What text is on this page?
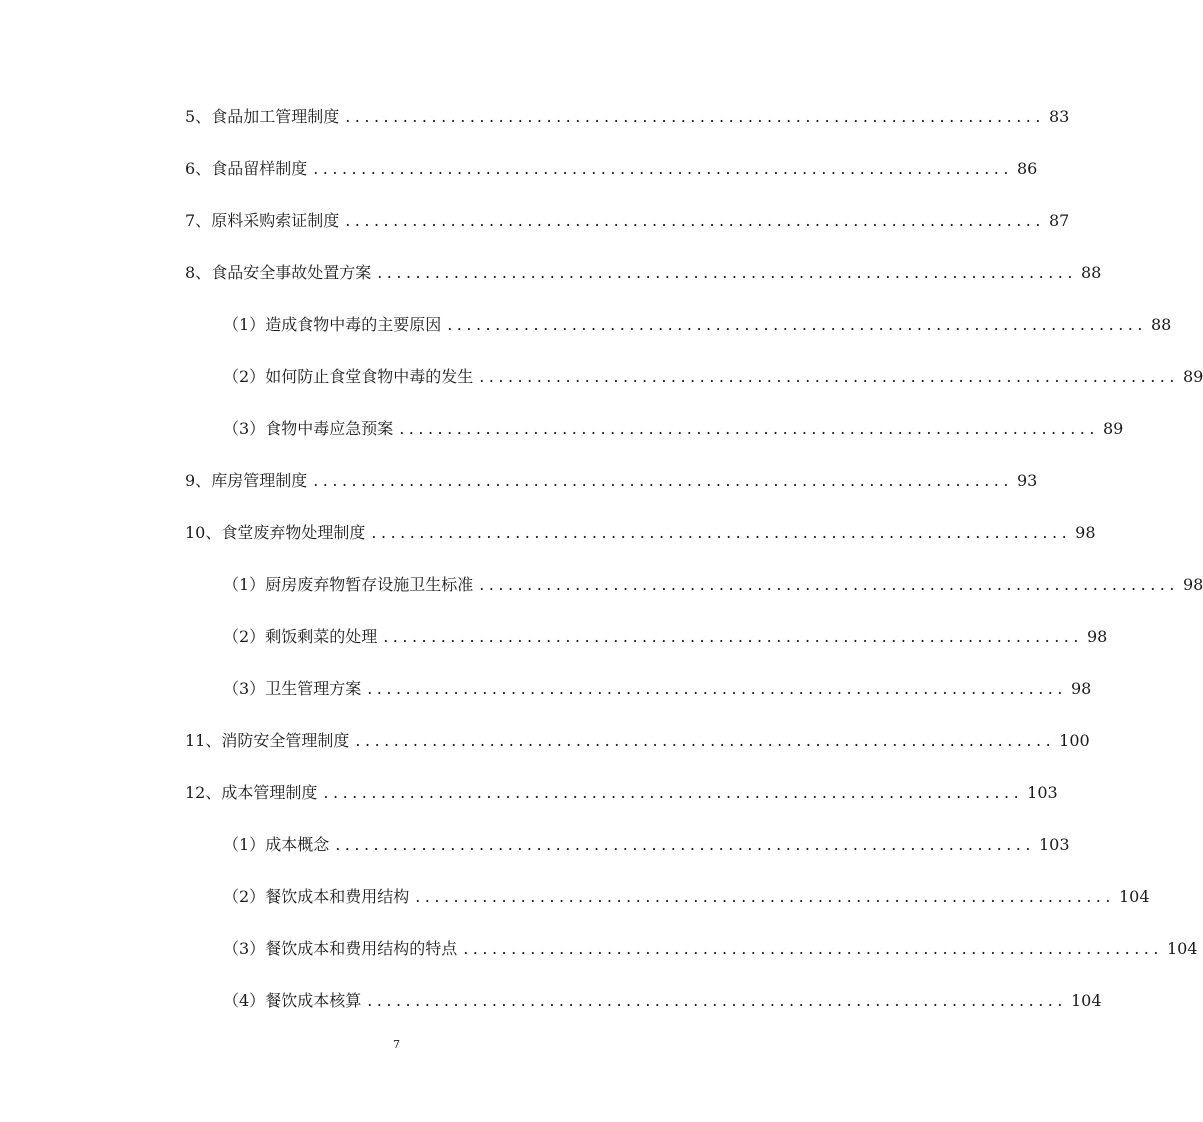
5、 食品加工管理制度 ......................................................................... 83
6、 食品留样制度 ......................................................................... 86
7、 原料采购索证制度 ......................................................................... 87
8、 食品安全事故处置方案 ......................................................................... 88
（1） 造成食物中毒的主要原因 ......................................................................... 88
（2） 如何防止食堂食物中毒的发生 ......................................................................... 89
（3） 食物中毒应急预案 ......................................................................... 89
9、 库房管理制度 ......................................................................... 93
10、 食堂废弃物处理制度 ......................................................................... 98
（1） 厨房废弃物暂存设施卫生标准 ......................................................................... 98
（2） 剩饭剩菜的处理 ......................................................................... 98
（3） 卫生管理方案 ......................................................................... 98
11、 消防安全管理制度 ......................................................................... 100
12、 成本管理制度 ......................................................................... 103
（1） 成本概念 ......................................................................... 103
（2） 餐饮成本和费用结构 ......................................................................... 104
（3） 餐饮成本和费用结构的特点 ......................................................................... 104
（4） 餐饮成本核算 ......................................................................... 104
7
